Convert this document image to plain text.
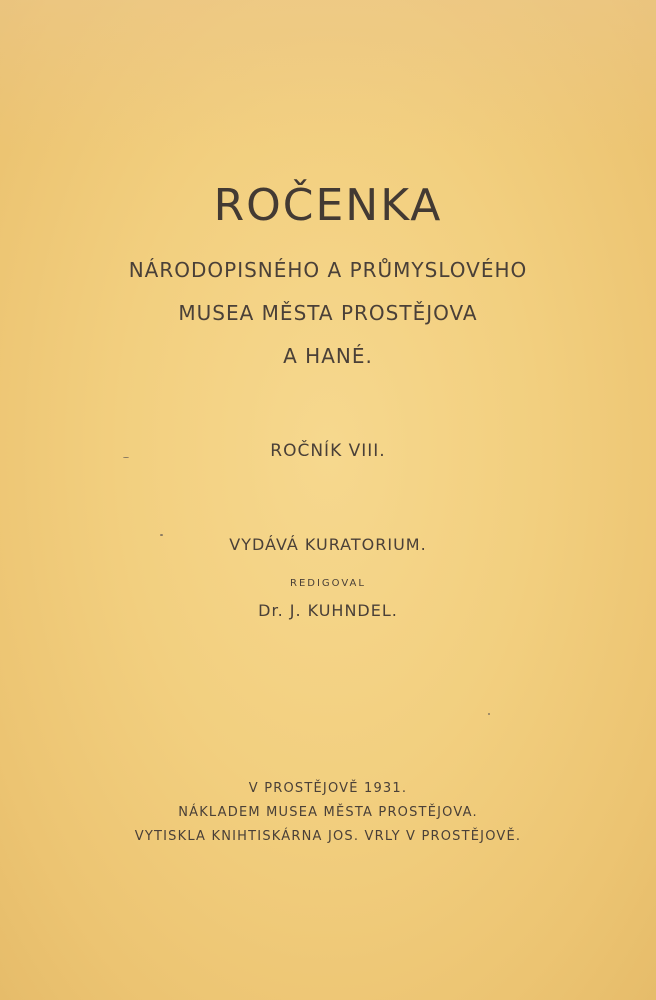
ROČENKA

NÁRODOPISNÉHO A PRŮMYSLOVÉHO

MUSEA MĚSTA PROSTĚJOVA

A HANÉ.

ROČNÍK VIII.

VYDÁVÁ KURATORIUM.

REDIGOVAL

Dr. J. KUHNDEL.

V PROSTĚJOVĚ 1931.

NÁKLADEM MUSEA MĚSTA PROSTĚJOVA.

VYTISKLA KNIHTISKÁRNA JOS. VRLY V PROSTĚJOVĚ.
